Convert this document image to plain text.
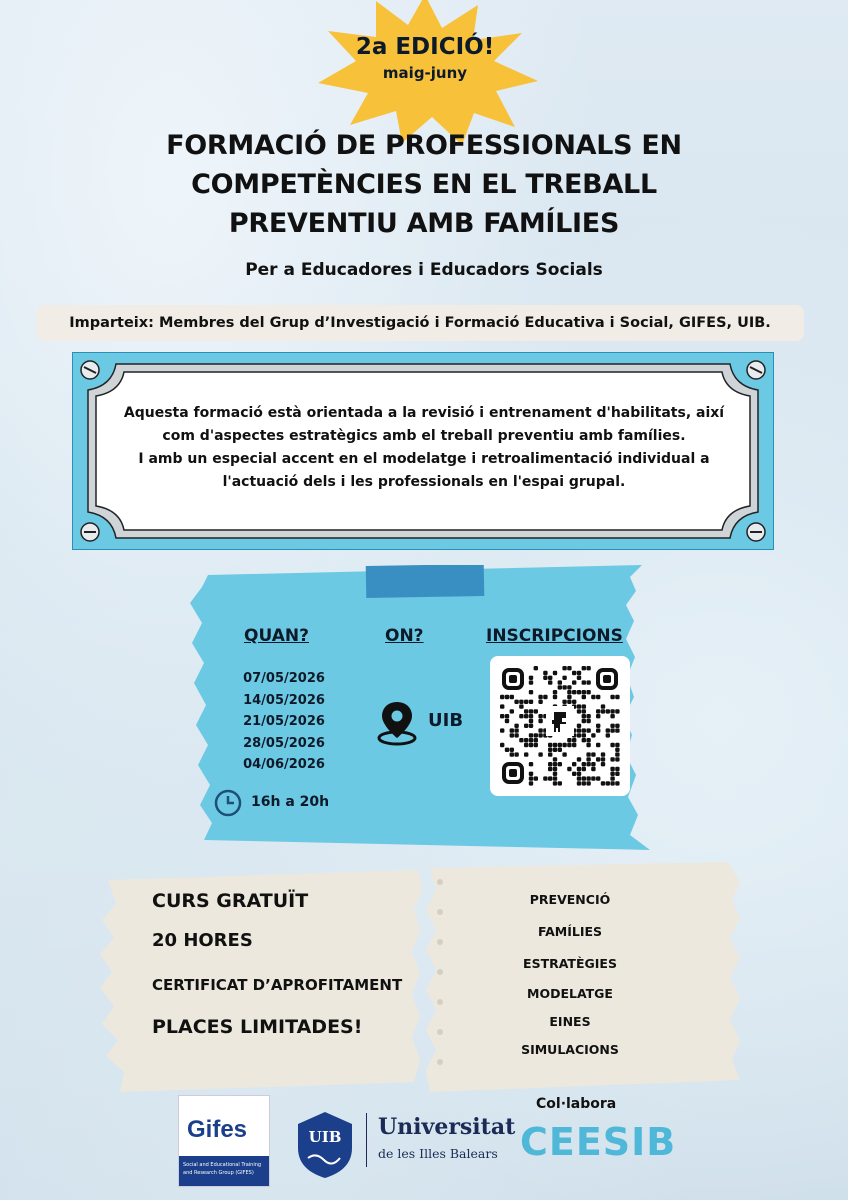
2a EDICIÓ!
maig-juny
FORMACIÓ DE PROFESSIONALS EN
COMPETÈNCIES EN EL TREBALL
PREVENTIU AMB FAMÍLIES
Per a Educadores i Educadors Socials
Imparteix: Membres del Grup d’Investigació i Formació Educativa i Social, GIFES, UIB.
Aquesta formació està orientada a la revisió i entrenament d'habilitats, així
com d'aspectes estratègics amb el treball preventiu amb famílies.
I amb un especial accent en el modelatge i retroalimentació individual a
l'actuació dels i les professionals en l'espai grupal.
QUAN?	ON?	INSCRIPCIONS
07/05/2026
14/05/2026
21/05/2026
28/05/2026
04/06/2026
UIB
16h a 20h
CURS GRATUÏT
20 HORES
CERTIFICAT D’APROFITAMENT
PLACES LIMITADES!
PREVENCIÓ
FAMÍLIES
ESTRATÈGIES
MODELATGE
EINES
SIMULACIONS
Gifes
Social and Educational Training
and Research Group (GIFES)
UIB	Universitat
de les Illes Balears
Col·labora
CEESIB
